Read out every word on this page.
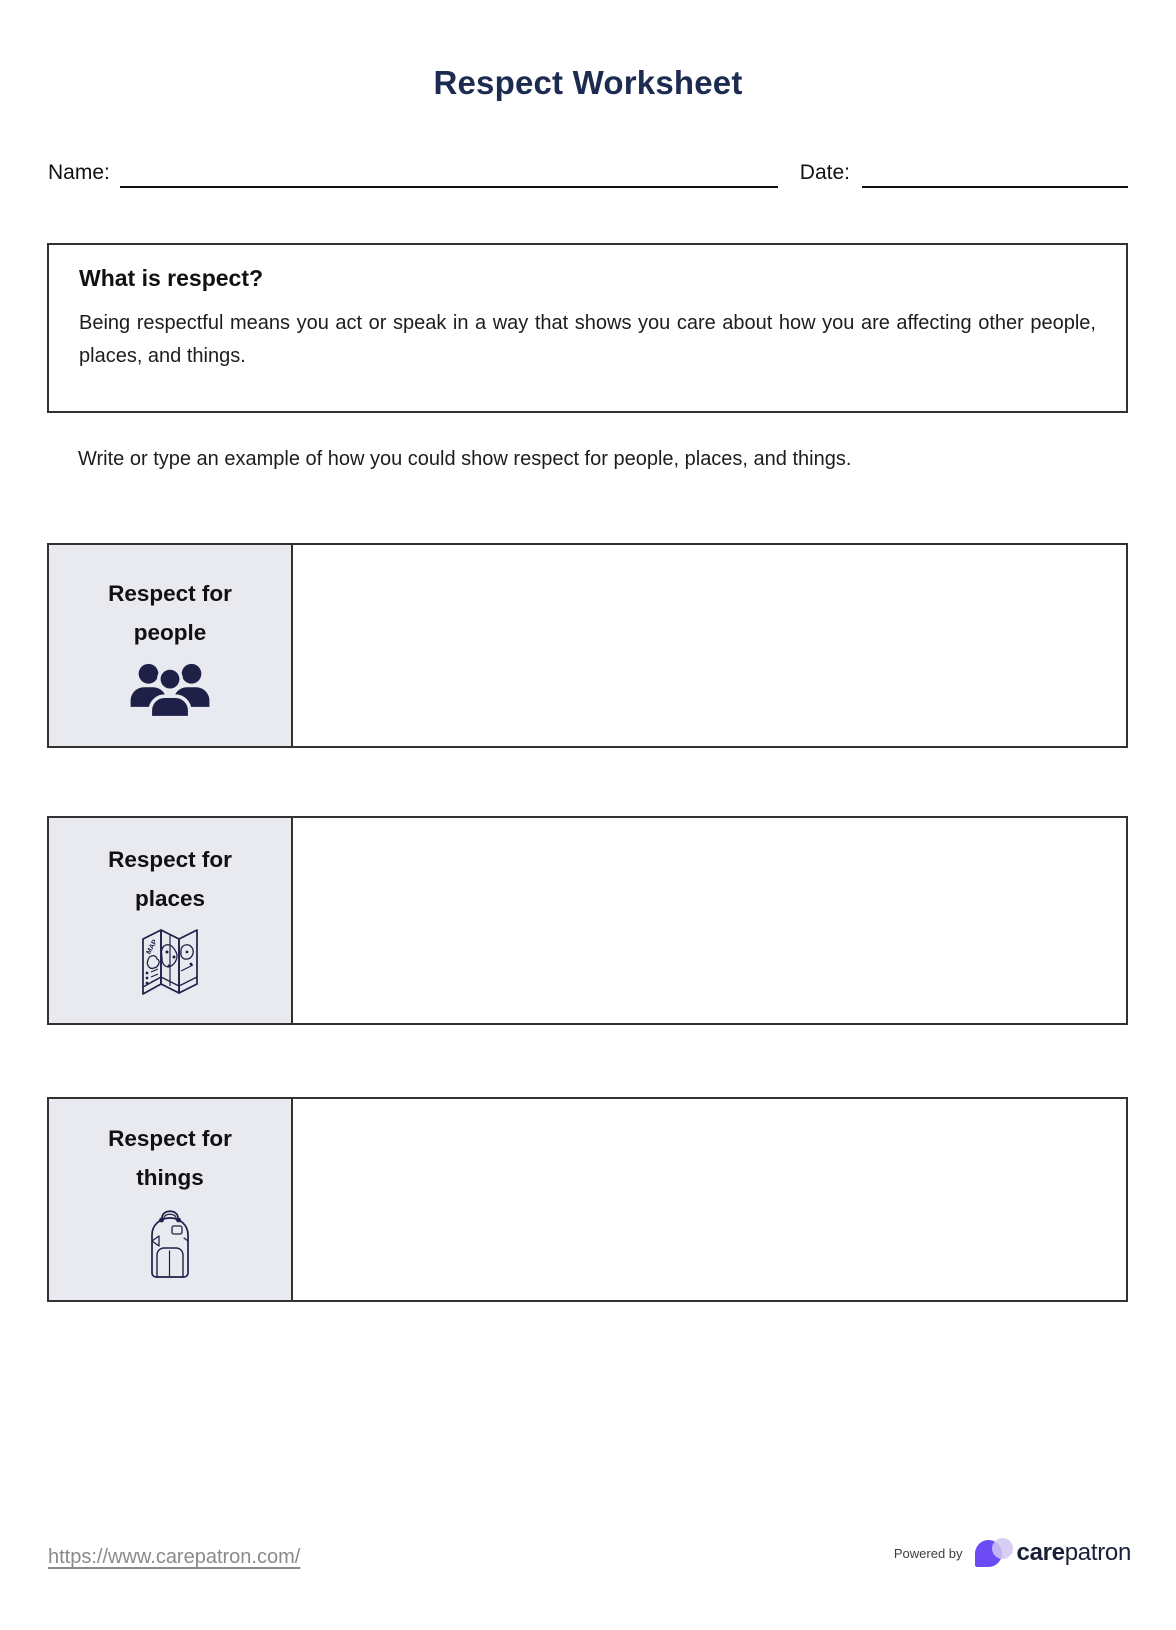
Respect Worksheet
Name:	Date:
What is respect?
Being respectful means you act or speak in a way that shows you care about how you are affecting other people, places, and things.
Write or type an example of how you could show respect for people, places, and things.
Respect for
people
Respect for
places
MAP
Respect for
things
https://www.carepatron.com/	Powered by carepatron
